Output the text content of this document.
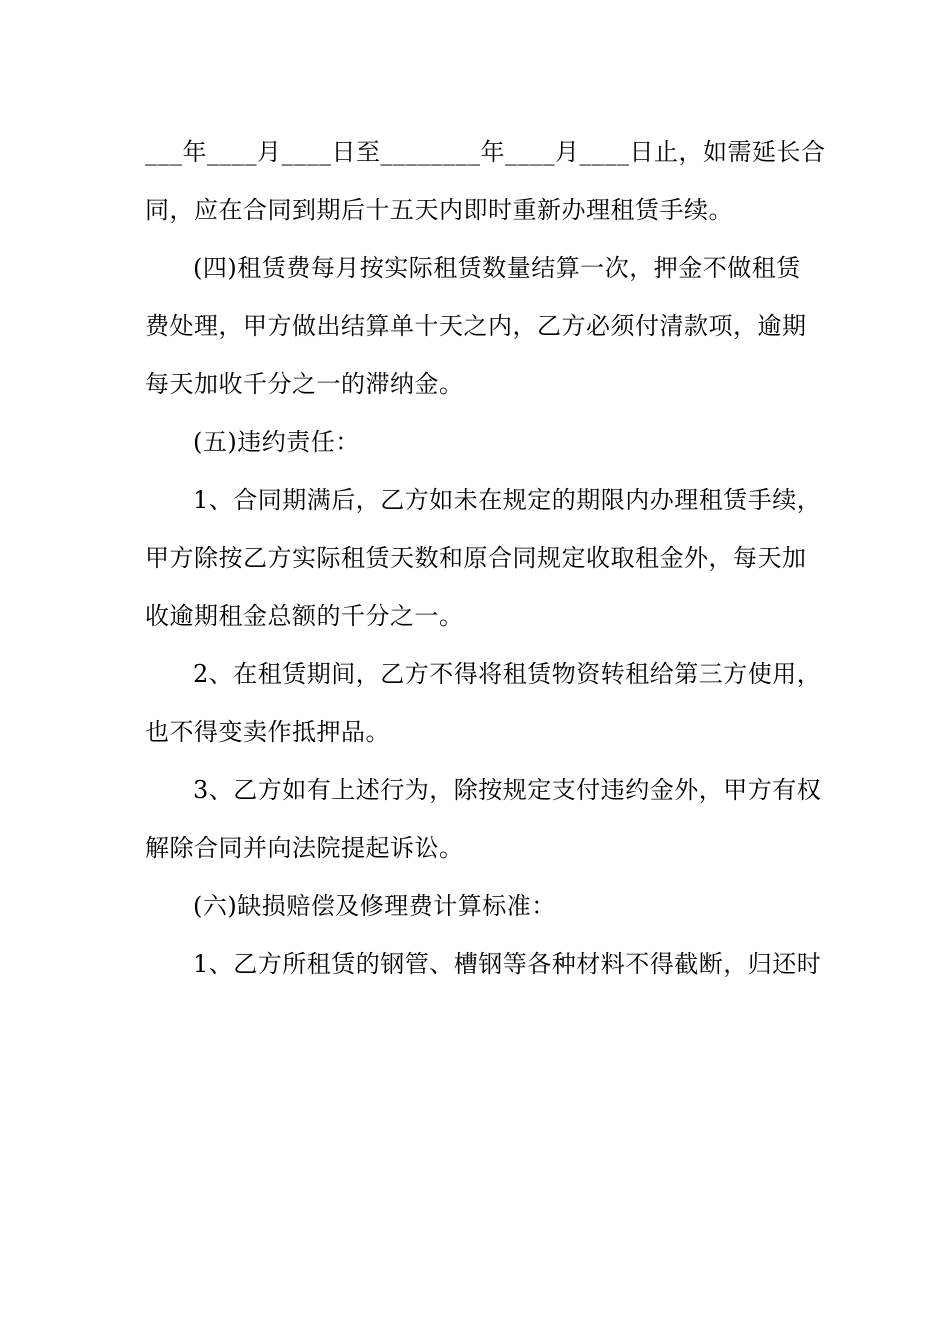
___年____月____日至________年____月____日止，如需延长合
同，应在合同到期后十五天内即时重新办理租赁手续。
(四)租赁费每月按实际租赁数量结算一次，押金不做租赁
费处理，甲方做出结算单十天之内，乙方必须付清款项，逾期
每天加收千分之一的滞纳金。
(五)违约责任：
1、合同期满后，乙方如未在规定的期限内办理租赁手续，
甲方除按乙方实际租赁天数和原合同规定收取租金外，每天加
收逾期租金总额的千分之一。
2、在租赁期间，乙方不得将租赁物资转租给第三方使用，
也不得变卖作抵押品。
3、乙方如有上述行为，除按规定支付违约金外，甲方有权
解除合同并向法院提起诉讼。
(六)缺损赔偿及修理费计算标准：
1、乙方所租赁的钢管、槽钢等各种材料不得截断，归还时
